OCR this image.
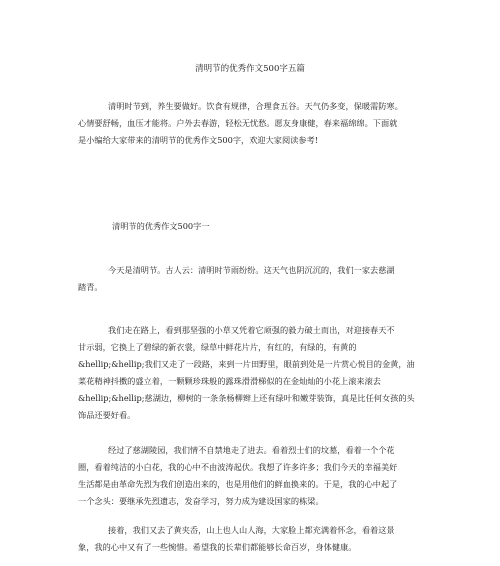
清明节的优秀作文500字五篇

清明时节到，养生要做好。饮食有规律，合理食五谷。天气仍多变，保暖需防寒。
心情要舒畅，血压才能将。户外去春游，轻松无忧愁。愿友身康健，春来福绵绵。下面就
是小编给大家带来的清明节的优秀作文500字，欢迎大家阅读参考!

清明节的优秀作文500字一

今天是清明节。古人云：清明时节雨纷纷。这天气也阴沉沉的，我们一家去慈湖
踏青。

我们走在路上，看到那坚强的小草又凭着它顽强的毅力破土而出，对迎接春天不
甘示弱，它换上了碧绿的新衣裳，绿草中鲜花片片，有红的，有绿的，有黄的
&hellip;&hellip;我们又走了一段路，来到一片田野里，眼前到处是一片赏心悦目的金黄，油
菜花精神抖擞的盛立着，一颗颗珍珠般的露珠滑滑梯似的在金灿灿的小花上滚来滚去
&hellip;&hellip;慈湖边，柳树的一条条杨柳辫上还有绿叶和嫩芽装饰，真是比任何女孩的头
饰品还要好看。

经过了慈湖陵园，我们情不自禁地走了进去。看着烈士们的坟墓，看着一个个花
圈，看着纯洁的小白花，我的心中不由波涛起伏。我想了许多许多；我们今天的幸福美好
生活都是由革命先烈为我们创造出来的，也是用他们的鲜血换来的。于是，我的心中起了
一个念头：要继承先烈遗志，发奋学习，努力成为建设国家的栋梁。

接着，我们又去了黄夹岙，山上也人山人海，大家脸上都充满着怀念，看着这景
象，我的心中又有了一些惋惜。希望我的长辈们都能够长命百岁，身体健康。
